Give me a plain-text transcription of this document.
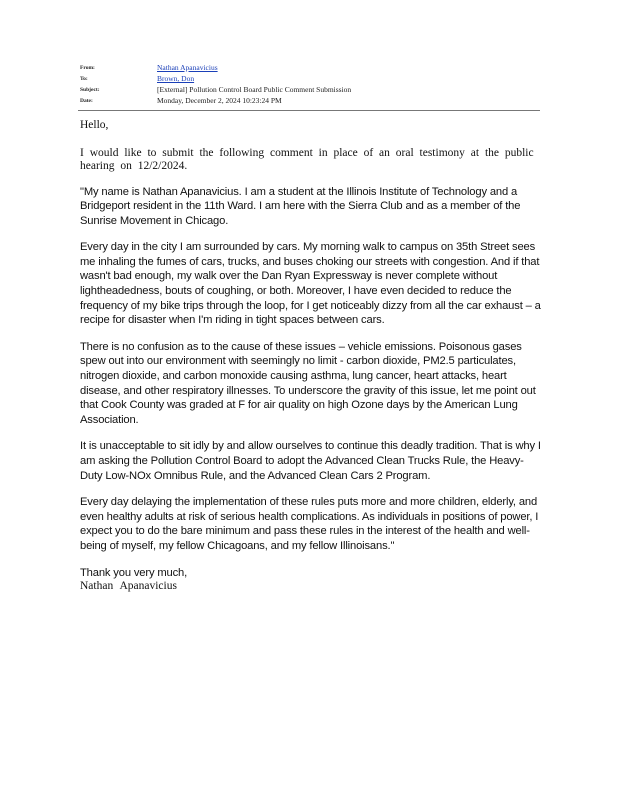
From:	Nathan Apanavicius
To:	Brown, Don
Subject:	[External] Pollution Control Board Public Comment Submission
Date:	Monday, December 2, 2024 10:23:24 PM

Hello,

I would like to submit the following comment in place of an oral testimony at the public hearing on 12/2/2024.

"My name is Nathan Apanavicius. I am a student at the Illinois Institute of Technology and a Bridgeport resident in the 11th Ward. I am here with the Sierra Club and as a member of the Sunrise Movement in Chicago.

Every day in the city I am surrounded by cars. My morning walk to campus on 35th Street sees me inhaling the fumes of cars, trucks, and buses choking our streets with congestion. And if that wasn't bad enough, my walk over the Dan Ryan Expressway is never complete without lightheadedness, bouts of coughing, or both. Moreover, I have even decided to reduce the frequency of my bike trips through the loop, for I get noticeably dizzy from all the car exhaust – a recipe for disaster when I'm riding in tight spaces between cars.

There is no confusion as to the cause of these issues – vehicle emissions. Poisonous gases spew out into our environment with seemingly no limit - carbon dioxide, PM2.5 particulates, nitrogen dioxide, and carbon monoxide causing asthma, lung cancer, heart attacks, heart disease, and other respiratory illnesses. To underscore the gravity of this issue, let me point out that Cook County was graded at F for air quality on high Ozone days by the American Lung Association.

It is unacceptable to sit idly by and allow ourselves to continue this deadly tradition. That is why I am asking the Pollution Control Board to adopt the Advanced Clean Trucks Rule, the Heavy-Duty Low-NOx Omnibus Rule, and the Advanced Clean Cars 2 Program.

Every day delaying the implementation of these rules puts more and more children, elderly, and even healthy adults at risk of serious health complications. As individuals in positions of power, I expect you to do the bare minimum and pass these rules in the interest of the health and well-being of myself, my fellow Chicagoans, and my fellow Illinoisans."

Thank you very much,

Nathan Apanavicius
